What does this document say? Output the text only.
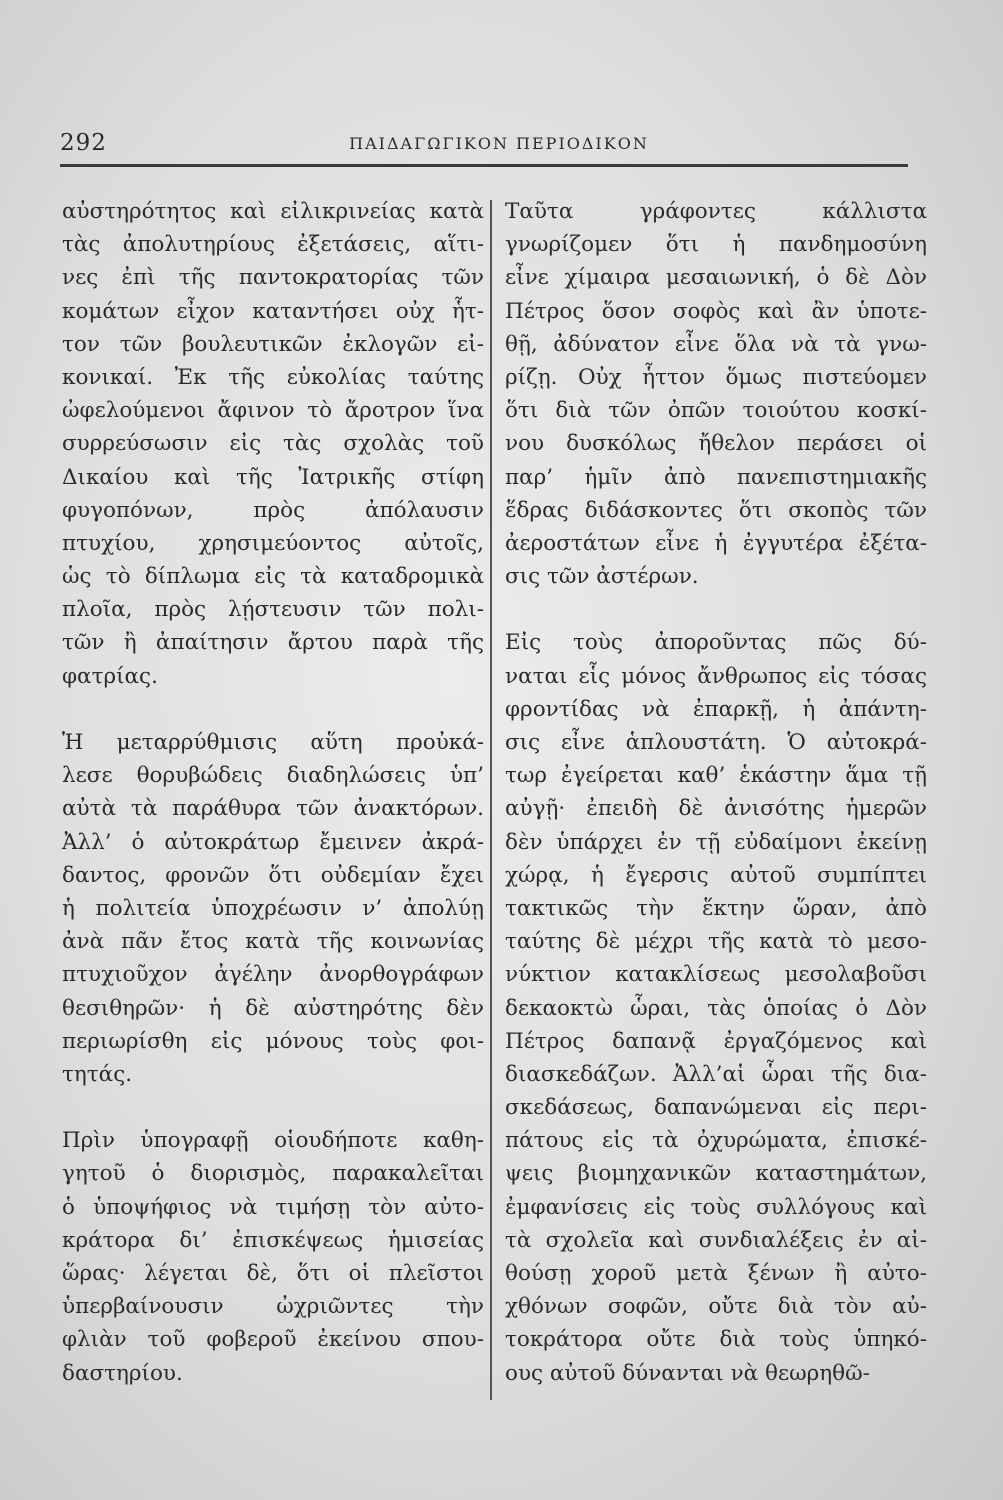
292	ΠΑΙΔΑΓΩΓΙΚΟΝ ΠΕΡΙΟΔΙΚΟΝ
αὐστηρότητος καὶ εἰλικρινείας κατὰ
τὰς ἀπολυτηρίους ἐξετάσεις, αἵτι-
νες ἐπὶ τῆς παντοκρατορίας τῶν
κομάτων εἶχον καταντήσει οὐχ ἧτ-
τον τῶν βουλευτικῶν ἐκλογῶν εἰ-
κονικαί. Ἐκ τῆς εὐκολίας ταύτης
ὠφελούμενοι ἄφινον τὸ ἄροτρον ἵνα
συρρεύσωσιν εἰς τὰς σχολὰς τοῦ
Δικαίου καὶ τῆς Ἰατρικῆς στίφη
φυγοπόνων, πρὸς ἀπόλαυσιν
πτυχίου, χρησιμεύοντος αὐτοῖς,
ὡς τὸ δίπλωμα εἰς τὰ καταδρομικὰ
πλοῖα, πρὸς λῄστευσιν τῶν πολι-
τῶν ἢ ἀπαίτησιν ἄρτου παρὰ τῆς
φατρίας.
Ἡ μεταρρύθμισις αὕτη προὐκά-
λεσε θορυβώδεις διαδηλώσεις ὑπ’
αὐτὰ τὰ παράθυρα τῶν ἀνακτόρων.
Ἀλλ’ ὁ αὐτοκράτωρ ἔμεινεν ἀκρά-
δαντος, φρονῶν ὅτι οὐδεμίαν ἔχει
ἡ πολιτεία ὑποχρέωσιν ν’ ἀπολύῃ
ἀνὰ πᾶν ἔτος κατὰ τῆς κοινωνίας
πτυχιοῦχον ἀγέλην ἀνορθογράφων
θεσιθηρῶν· ἡ δὲ αὐστηρότης δὲν
περιωρίσθη εἰς μόνους τοὺς φοι-
τητάς.
Πρὶν ὑπογραφῇ οἱουδήποτε καθη-
γητοῦ ὁ διορισμὸς, παρακαλεῖται
ὁ ὑποψήφιος νὰ τιμήσῃ τὸν αὐτο-
κράτορα δι’ ἐπισκέψεως ἡμισείας
ὥρας· λέγεται δὲ, ὅτι οἱ πλεῖστοι
ὑπερβαίνουσιν ὠχριῶντες τὴν
φλιὰν τοῦ φοβεροῦ ἐκείνου σπου-
δαστηρίου.
Ταῦτα γράφοντες κάλλιστα
γνωρίζομεν ὅτι ἡ πανδημοσύνη
εἶνε χίμαιρα μεσαιωνική, ὁ δὲ Δὸν
Πέτρος ὅσον σοφὸς καὶ ἂν ὑποτε-
θῇ, ἀδύνατον εἶνε ὅλα νὰ τὰ γνω-
ρίζῃ. Οὐχ ἧττον ὅμως πιστεύομεν
ὅτι διὰ τῶν ὀπῶν τοιούτου κοσκί-
νου δυσκόλως ἤθελον περάσει οἱ
παρ’ ἡμῖν ἀπὸ πανεπιστημιακῆς
ἕδρας διδάσκοντες ὅτι σκοπὸς τῶν
ἀεροστάτων εἶνε ἡ ἐγγυτέρα ἐξέτα-
σις τῶν ἀστέρων.
Εἰς τοὺς ἀποροῦντας πῶς δύ-
ναται εἷς μόνος ἄνθρωπος εἰς τόσας
φροντίδας νὰ ἐπαρκῇ, ἡ ἀπάντη-
σις εἶνε ἁπλουστάτη. Ὁ αὐτοκρά-
τωρ ἐγείρεται καθ’ ἑκάστην ἅμα τῇ
αὐγῇ· ἐπειδὴ δὲ ἀνισότης ἡμερῶν
δὲν ὑπάρχει ἐν τῇ εὐδαίμονι ἐκείνῃ
χώρᾳ, ἡ ἔγερσις αὐτοῦ συμπίπτει
τακτικῶς τὴν ἕκτην ὥραν, ἀπὸ
ταύτης δὲ μέχρι τῆς κατὰ τὸ μεσο-
νύκτιον κατακλίσεως μεσολαβοῦσι
δεκαοκτὼ ὧραι, τὰς ὁποίας ὁ Δὸν
Πέτρος δαπανᾷ ἐργαζόμενος καὶ
διασκεδάζων. Ἀλλ’αἱ ὧραι τῆς δια-
σκεδάσεως, δαπανώμεναι εἰς περι-
πάτους εἰς τὰ ὀχυρώματα, ἐπισκέ-
ψεις βιομηχανικῶν καταστημάτων,
ἐμφανίσεις εἰς τοὺς συλλόγους καὶ
τὰ σχολεῖα καὶ συνδιαλέξεις ἐν αἰ-
θούσῃ χοροῦ μετὰ ξένων ἢ αὐτο-
χθόνων σοφῶν, οὔτε διὰ τὸν αὐ-
τοκράτορα οὔτε διὰ τοὺς ὑπηκό-
ους αὐτοῦ δύνανται νὰ θεωρηθῶ-
